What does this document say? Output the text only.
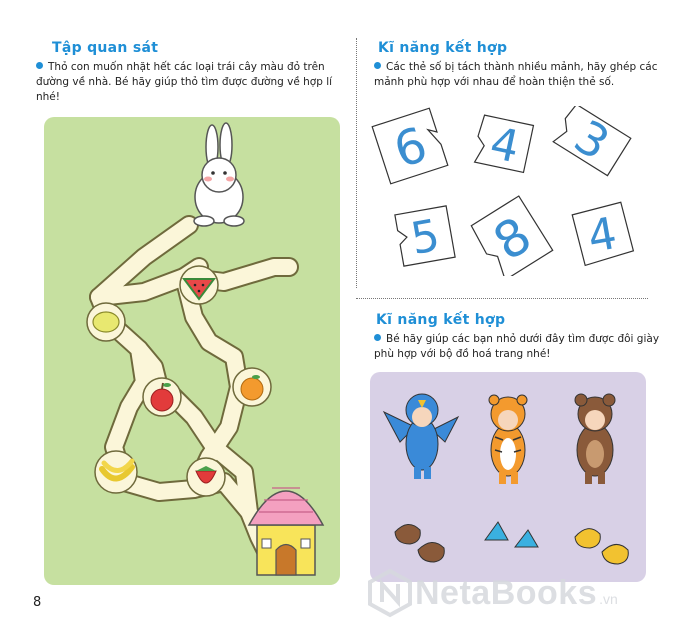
Tập quan sát
Thỏ con muốn nhặt hết các loại trái cây màu đỏ trên đường về nhà. Bé hãy giúp thỏ tìm được đường về hợp lí nhé!
8
Kĩ năng kết hợp
Các thẻ số bị tách thành nhiều mảnh, hãy ghép các mảnh phù hợp với nhau để hoàn thiện thẻ số.
6 4 3
5 8 4
Kĩ năng kết hợp
Bé hãy giúp các bạn nhỏ dưới đây tìm được đôi giày phù hợp với bộ đồ hoá trang nhé!
NetaBooks .vn
